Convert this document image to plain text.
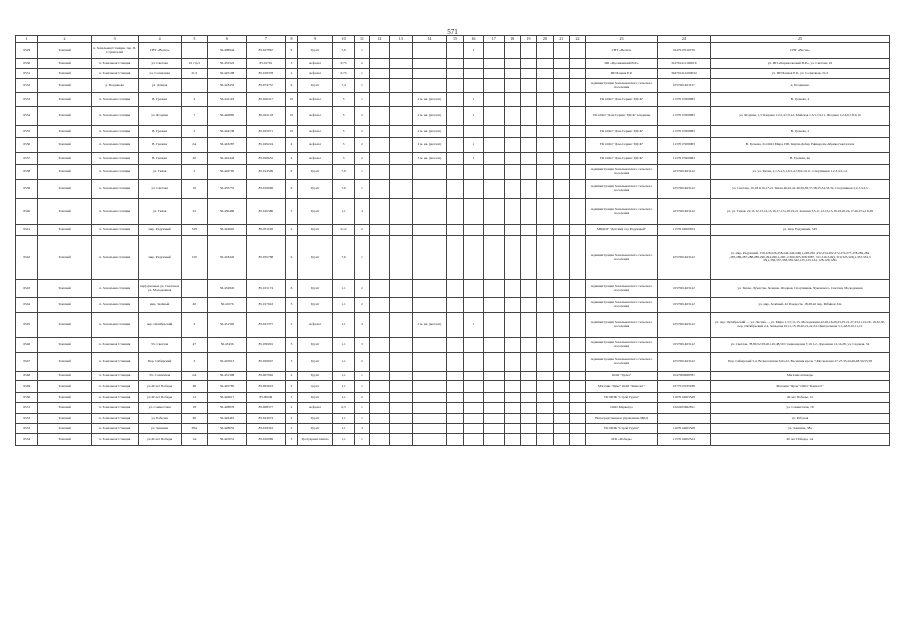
571
1	2	3	4	5	6	7	8	9	10	11	12	13	14	15	16	17	18	19	20	21	22	23	24	25
6529	Томский	п. Зональная Станция, тер. П. Строителей	СНТ «Весна»		56.408944	85.027867	9	Грунт	7,6	1					1							СНТ «Весна»	1047017016759	СНТ «Весна»
6530	Томский	п. Зональная Станция	ул. Светлая	19 стр.5	56.435322	85.01791	3	Асфальт	0,75	2												ИП «Пронкашкий В.Р.»	310701411100016	ул. ИП «Карамальский В.Р.», ул. Светлая, 19
6531	Томский	п. Зональная Станция	ул. Солнечная	21/2	56.425198	85.018378	2	Асфальт	0,75	1												ИП Банаев Е.Р.	304701412200034	ул. ИП Банаев Е.Р., ул. Солнечная, 21/2
6532	Томский	д. Позднеево	ул. Дачная		56.418433	85.074737	9	Грунт	7,4	1												Администрация Зональненского сельского поселения	1057001463127	д. Позднеево
6533	Томский	п. Зональная станция	В. Грачева	4	56.441143	85.026417	10	Асфальт	5	1			2 м. кв. (металл)		1							УК ООО "Дом-Сервис ТДСК"	1137017009983	В. Грачева, 4
6534	Томский	п. Зональная станция	ул. Ягодная	7	56.446895	85.022118	10	Асфальт	5	2			2 м. кв. (металл)		1							УК ООО "Дом-Сервис ТДСК" владение	1137017009983	ул. Ягодная, 1,3 Озерная 1,2,5,4,7,9,12, Майская 1,3,5,7,9,11, Ягодная 1,2,4,6,7,8,9,10
6535	Томский	п. Зональная станция	В. Грачева	2	56.444138	85.025071	10	Асфальт	5	2			2 м. кв. (металл)									УК ООО "Дом-Сервис ТДСК"	1137017009983	В. Грачева, 2
6536	Томский	п. Зональная станция	В. Грачева	2А	56.443287	85.029224	4	Асфальт	3	2			2 м. кв. (металл)		1							УК ООО "Дом-Сервис ТДСК"	1137017009983	В. Грачева, 2а ООО Мира, ИП. Кирти-Дебер Универсам Абрикос\металлом
6537	Томский	п. Зональная станция	В. Грачева	4б	56.442444	85.026652	4	Асфальт	3	2			3 м. кв. (металл)		1							УК ООО "Дом-Сервис ТДСК"	1137017009983	В. Грачева, 4в
6538	Томский	п. Зональная станция	ул. Тихая	2	56.426795	85.014509	9	Грунт	7,6	1												Администрация Зональненского сельского поселения	1057001463122	ул. ул. Тихая, 2,1,3,4,5,1,6,5,4,7,8,9,10,11, Спортивная 1,2,3,4,5,1,2
6539	Томский	п. Зональная станция	ул. Светлая	10	56.435731	85.019069	9	Грунт	7,6	1												Администрация Зональненского сельского поселения	1057001463122	ул. Светлая, 10,18,9,16,17,21 Тихая 46,42,41,40,39,38,37,38,35,34,33,32, Спортивная 2,2,1,3,4,5
6540	Томский	п. Зональная станция	ул. Тихая	22	56.430466	85.016386	5	Грунт	1,1	4												Администрация Зональненского сельского поселения	1057001463122	ул. ул. Тихая, 22,11,12,13,14,15,16,17,17а,18,19,21 Зеленая 3,5,11,12,13,15,18,19,20,24,17,26,27а,2 8,38
6541	Томский	п. Зональная станция	мкр. Радужный	329	56.424605	85.031196	2	Грунт	0,12	2												МБДОУ "Детский сад Радужный"	1157014000934	ул. мкр. Радужный, 329
6542	Томский	п. Зональная станция	мкр. Радужный	150	56.418445	85.035798	9	Грунт	7,6	1												Администрация Зональненского сельского поселения	1057001463122	ул. мкр. Радужный, 150,228,226,258,244,240,246(1,248,250 ,252,254,262,272,274,277,278,282,284 ,285,286,287,288,289,290,294,296,1,290 ,2,300,305,308,3087, 311,316,316(1,319,323,324(1,333,334,3 35(1,336,337,338,339,342,125,125,124, 128,129,129а
6543	Томский	п. Зональная станция	пер(а)лечные ул. Светлая и ул. Молодежная		56.432845	85.015174	6	Грунт	1,1	2												Администрация Зональненского сельского поселения	1057001463122	ул. Тихая, Лучистая, Зеленая, Ягодная, Спортивная, Чуковского, Светлая, Молодежная
6544	Томский	п. Зональная станция	мкр. Зелёный	40	56.41076	85.017943	5	Грунт	1,1	2												Администрация Зональненского сельского поселения	1057001463122	ул. мкр. Зелёный, 42 Рождеств. 18,28,42 пер. Рябинов 34а
6545	Томский	п. Зональная станция	пер. Октябрьский	4	56.431395	85.023377	5	Асфальт	1,1	4			2 м. кв. (металл)		1							Администрация Зональненского сельского поселения	1057001463122	ул. пер. Октябрьский — ул. Лесная — ул. Мира 1,3,7,11,15, Молодежная 42,46,16,26,23,25,21,27,23,21,19,26 ,16,32,30, пер. Октябрьский 2,4, Западная 10,11,13,18,20,21,22,24, Центральная 3,1,4,8,9,10,11,12
6546	Томский	п. Зональная Станция	Ул. Светлая	47	56.43436	85.030091	5	Грунт	1,1	3												Администрация Зональненского сельского поселения	1057001463122	ул. Светлая, 78,80,52,58,40,145,48,50 Стационарная 7,10,1,2, Дорожная 12,14,28, ул. Садовая, 54
6547	Томский	п. Зональная Станция	Пер. Сибирский	3	56.425913	85.029927	3	Грунт	1,1	2												Администрация Зональненского сельского поселения	1057001463122	Пер. Сибирский 3,4, Вознесенская 6,6а,22, Весенняя кроль 7,Московская 27,27,35,44,46,48,50,55,58
6548	Томский	п. Зональная Станция	Ул. Солнечная	2А	56.431308	85.007992	2	Грунт	1,1	1												ООО "Удача"	1047000698781	Магазин-аптекарь
6549	Томский	п. Зональная Станция	ул.40 лет Победы	3Б	56.425785	85.003623	2	грунт	1,1	1												Магазин "Ярче" ООО "Камелот"	1077017035038	Магазин "Ярче" ООО "Камелот"
6550	Томский	п. Зональная Станция	ул.40 лет Победы	12	56.426617	85.00049	5	Грунт	1,1	2												УК МПК "Строй Групп"	1167014063528	40 лет Победы, 12
6551	Томский	п. Зональная Станция	ул. Совместная	18	56.428876	85.008377	2	Асфальт	0,5	1												ООО Маркетра	1022203692811	ул. Совместная, 18
6552	Томский	п. Зональная Станция	ул. Рабочая	60	56.426461	85.023074	2	Грунт	1,1	1												Непосредственное управление МКД		ул. Рабочая
6553	Томский	п. Зональная Станция	ул. Зоннина	38А	56.428652	85.018343	5	Грунт	1,1	3												УК МПК "Строй Групп"	1167014063528	ул. Зоннина, 38а
6554	Томский	п. Зональная Станция	ул.40 лет Победы	1А	56.425031	85.010069	3	Тротуарная плитка	1,1	1												ЗСК «Победа»	1157014002524	40 лет Победы, 1А
